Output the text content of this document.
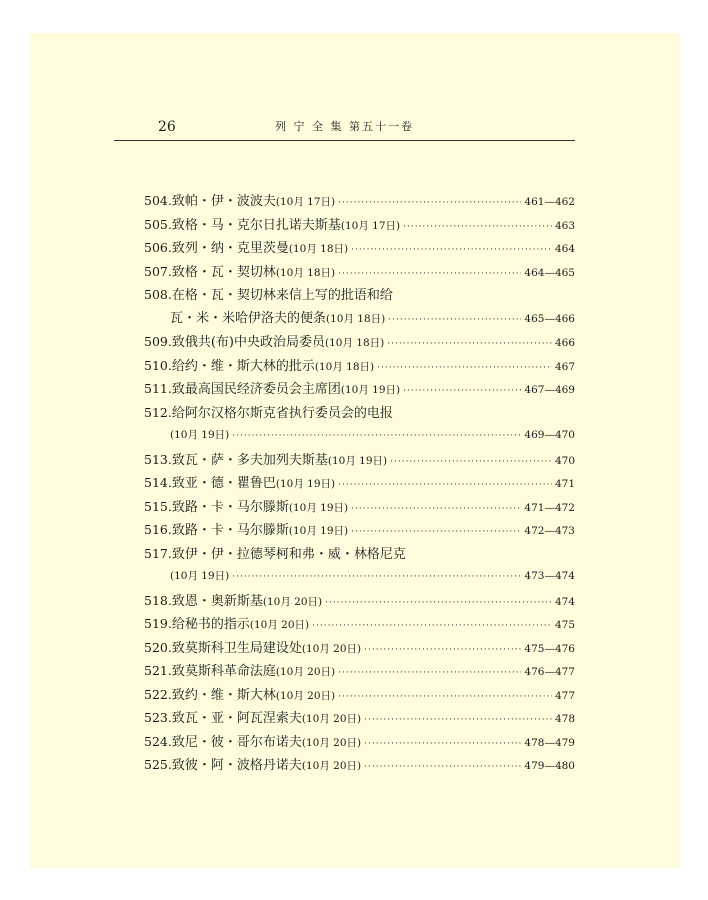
26	列 宁 全 集 第五十一卷
504 . 致帕・伊・波波夫 (10月 17日) ·····	461—462
505 . 致格・马・克尔日扎诺夫斯基 (10月 17日) ·····	463
506 . 致列・纳・克里茨曼 (10月 18日) ·····	464
507 . 致格・瓦・契切林 (10月 18日) ·····	464—465
508 . 在格・瓦・契切林来信上写的批语和给
瓦・米・米哈伊洛夫的便条 (10月 18日) ·····	465—466
509 . 致俄共(布)中央政治局委员 (10月 18日) ·····	466
510 . 给约・维・斯大林的批示 (10月 18日) ·····	467
511 . 致最高国民经济委员会主席团 (10月 19日) ·····	467—469
512 . 给阿尔汉格尔斯克省执行委员会的电报
(10月 19日) ·····	469—470
513 . 致瓦・萨・多夫加列夫斯基 (10月 19日) ·····	470
514 . 致亚・德・瞿鲁巴 (10月 19日) ·····	471
515 . 致路・卡・马尔滕斯 (10月 19日) ·····	471—472
516 . 致路・卡・马尔滕斯 (10月 19日) ·····	472—473
517 . 致伊・伊・拉德琴柯和弗・威・林格尼克
(10月 19日) ·····	473—474
518 . 致恩・奥新斯基 (10月 20日) ·····	474
519 . 给秘书的指示 (10月 20日) ·····	475
520 . 致莫斯科卫生局建设处 (10月 20日) ·····	475—476
521 . 致莫斯科革命法庭 (10月 20日) ·····	476—477
522 . 致约・维・斯大林 (10月 20日) ·····	477
523 . 致瓦・亚・阿瓦涅索夫 (10月 20日) ·····	478
524 . 致尼・彼・哥尔布诺夫 (10月 20日) ·····	478—479
525 . 致彼・阿・波格丹诺夫 (10月 20日) ·····	479—480
